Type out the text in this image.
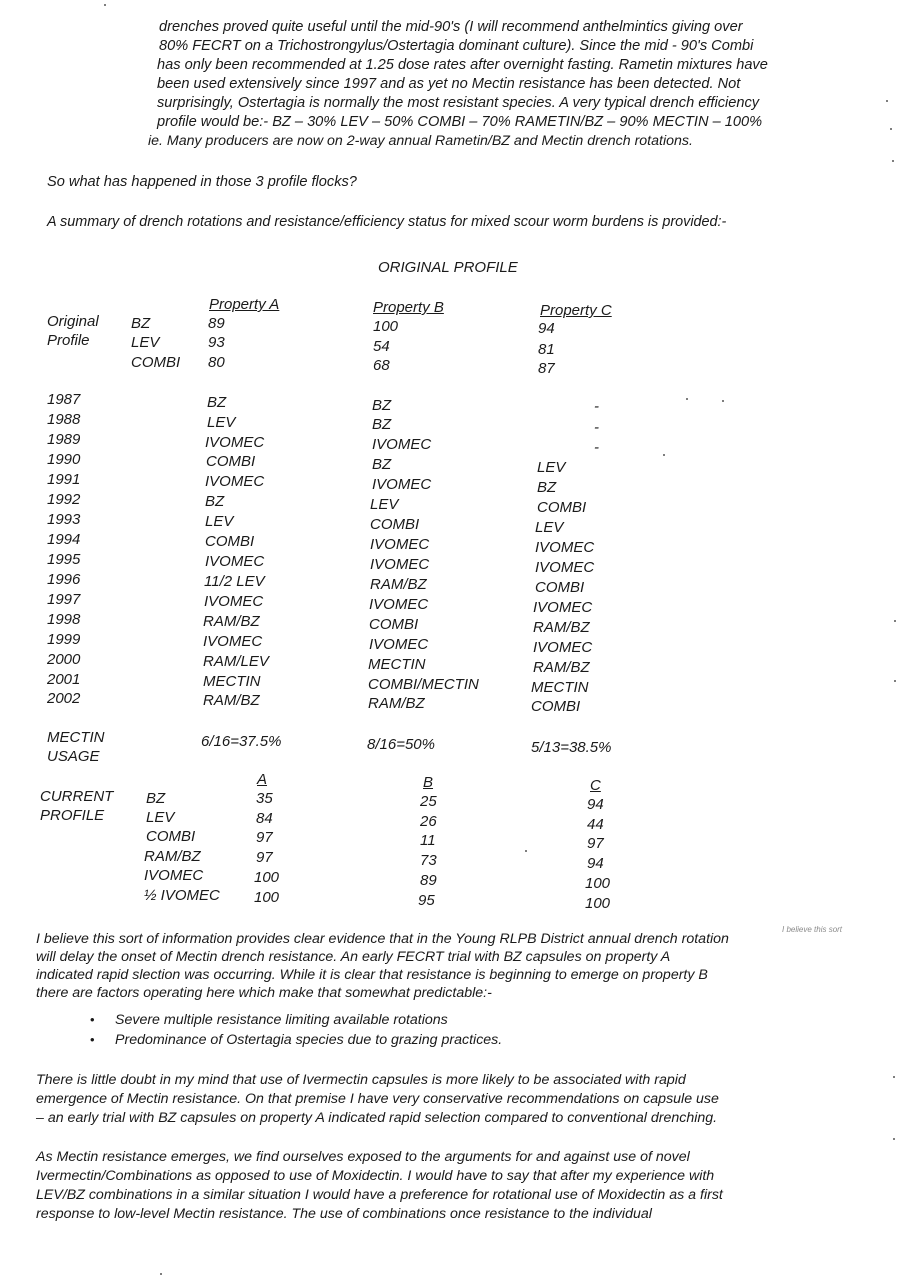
drenches proved quite useful until the mid-90's (I will recommend anthelmintics giving over
80% FECRT on a Trichostrongylus/Ostertagia dominant culture). Since the mid - 90's Combi
has only been recommended at 1.25 dose rates after overnight fasting. Rametin mixtures have
been used extensively since 1997 and as yet no Mectin resistance has been detected. Not
surprisingly, Ostertagia is normally the most resistant species. A very typical drench efficiency
profile would be:- BZ – 30% LEV – 50% COMBI – 70% RAMETIN/BZ – 90% MECTIN – 100%
ie. Many producers are now on 2-way annual Rametin/BZ and Mectin drench rotations.
So what has happened in those 3 profile flocks?
A summary of drench rotations and resistance/efficiency status for mixed scour worm burdens is provided:-
ORIGINAL PROFILE
Property A	Property B	Property C
Original
Profile
BZ	89	100	94
LEV	93	54	81
COMBI 80	68	87
1987	BZ	BZ	-
1988	LEV	BZ	-
1989	IVOMEC	IVOMEC	-
1990	COMBI	BZ	LEV
1991	IVOMEC	IVOMEC	BZ
1992	BZ	LEV	COMBI
1993	LEV	COMBI	LEV
1994	COMBI	IVOMEC	IVOMEC
1995	IVOMEC	IVOMEC	IVOMEC
1996	11/2 LEV	RAM/BZ	COMBI
1997	IVOMEC	IVOMEC	IVOMEC
1998	RAM/BZ	COMBI	RAM/BZ
1999	IVOMEC	IVOMEC	IVOMEC
2000	RAM/LEV	MECTIN	RAM/BZ
2001	MECTIN	COMBI/MECTIN	MECTIN
2002	RAM/BZ	RAM/BZ	COMBI
MECTIN
USAGE
6/16=37.5%	8/16=50%	5/13=38.5%
A	B	C
CURRENT
PROFILE
BZ	35	25	94
LEV	84	26	44
COMBI	97	11	97
RAM/BZ	97	73	94
IVOMEC	100	89	100
½ IVOMEC 100	95	100
I believe this sort
I believe this sort of information provides clear evidence that in the Young RLPB District annual drench rotation
will delay the onset of Mectin drench resistance. An early FECRT trial with BZ capsules on property A
indicated rapid slection was occurring. While it is clear that resistance is beginning to emerge on property B
there are factors operating here which make that somewhat predictable:-
• Severe multiple resistance limiting available rotations
• Predominance of Ostertagia species due to grazing practices.
There is little doubt in my mind that use of Ivermectin capsules is more likely to be associated with rapid
emergence of Mectin resistance. On that premise I have very conservative recommendations on capsule use
– an early trial with BZ capsules on property A indicated rapid selection compared to conventional drenching.
As Mectin resistance emerges, we find ourselves exposed to the arguments for and against use of novel
Ivermectin/Combinations as opposed to use of Moxidectin. I would have to say that after my experience with
LEV/BZ combinations in a similar situation I would have a preference for rotational use of Moxidectin as a first
response to low-level Mectin resistance. The use of combinations once resistance to the individual
